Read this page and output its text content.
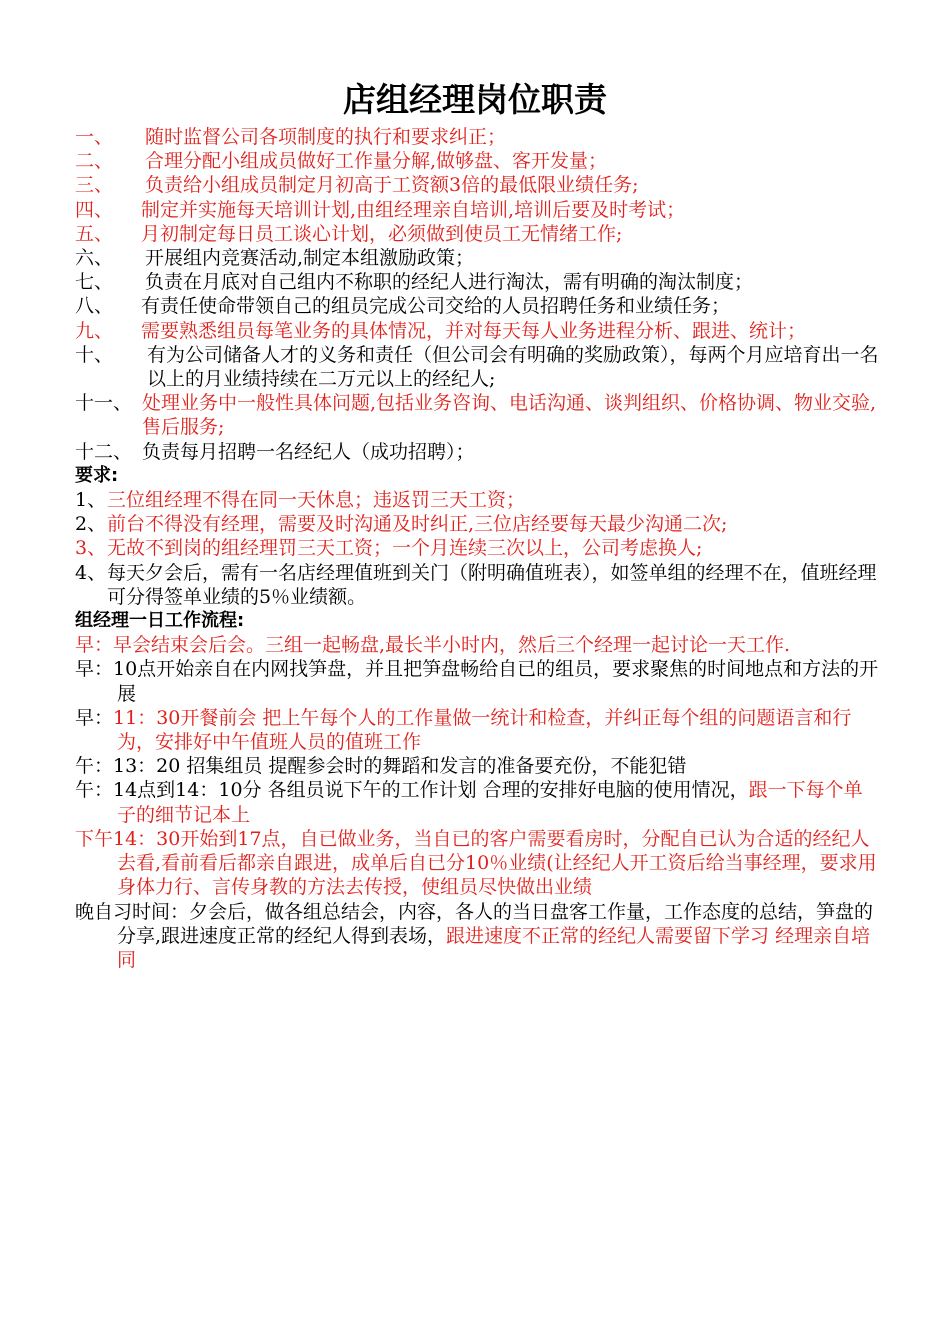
店组经理岗位职责
一、	随时监督公司各项制度的执行和要求纠正；
二、	合理分配小组成员做好工作量分解,做够盘、客开发量；
三、	负责给小组成员制定月初高于工资额3倍的最低限业绩任务;
四、	制定并实施每天培训计划,由组经理亲自培训,培训后要及时考试；
五、	月初制定每日员工谈心计划，必须做到使员工无情绪工作;
六、	开展组内竞赛活动,制定本组激励政策；
七、	负责在月底对自己组内不称职的经纪人进行淘汰，需有明确的淘汰制度；
八、	有责任使命带领自己的组员完成公司交给的人员招聘任务和业绩任务；
九、	需要熟悉组员每笔业务的具体情况，并对每天每人业务进程分析、跟进、统计；
十、	有为公司储备人才的义务和责任（但公司会有明确的奖励政策），每两个月应培育出一名以上的月业绩持续在二万元以上的经纪人;
十一、 处理业务中一般性具体问题,包括业务咨询、电话沟通、谈判组织、价格协调、物业交验,售后服务;
十二、 负责每月招聘一名经纪人（成功招聘）；
要求:
1、 三位组经理不得在同一天休息；违返罚三天工资；
2、 前台不得没有经理，需要及时沟通及时纠正,三位店经要每天最少沟通二次;
3、 无故不到岗的组经理罚三天工资；一个月连续三次以上，公司考虑换人;
4、 每天夕会后，需有一名店经理值班到关门（附明确值班表），如签单组的经理不在，值班经理可分得签单业绩的5％业绩额。
组经理一日工作流程:
早：早会结束会后会。三组一起畅盘,最长半小时内，然后三个经理一起讨论一天工作.
早：10点开始亲自在内网找笋盘，并且把笋盘畅给自已的组员，要求聚焦的时间地点和方法的开展
早：11：30开餐前会 把上午每个人的工作量做一统计和检查，并纠正每个组的问题语言和行为，安排好中午值班人员的值班工作
午：13：20 招集组员 提醒参会时的舞蹈和发言的准备要充份，不能犯错
午：14点到14：10分 各组员说下午的工作计划 合理的安排好电脑的使用情况，跟一下每个单子的细节记本上
下午14：30开始到17点，自已做业务，当自已的客户需要看房时，分配自已认为合适的经纪人去看,看前看后都亲自跟进，成单后自已分10％业绩(让经纪人开工资后给当事经理，要求用身体力行、言传身教的方法去传授，使组员尽快做出业绩
晚自习时间：夕会后，做各组总结会，内容，各人的当日盘客工作量，工作态度的总结，笋盘的分享,跟进速度正常的经纪人得到表场，跟进速度不正常的经纪人需要留下学习 经理亲自培同
